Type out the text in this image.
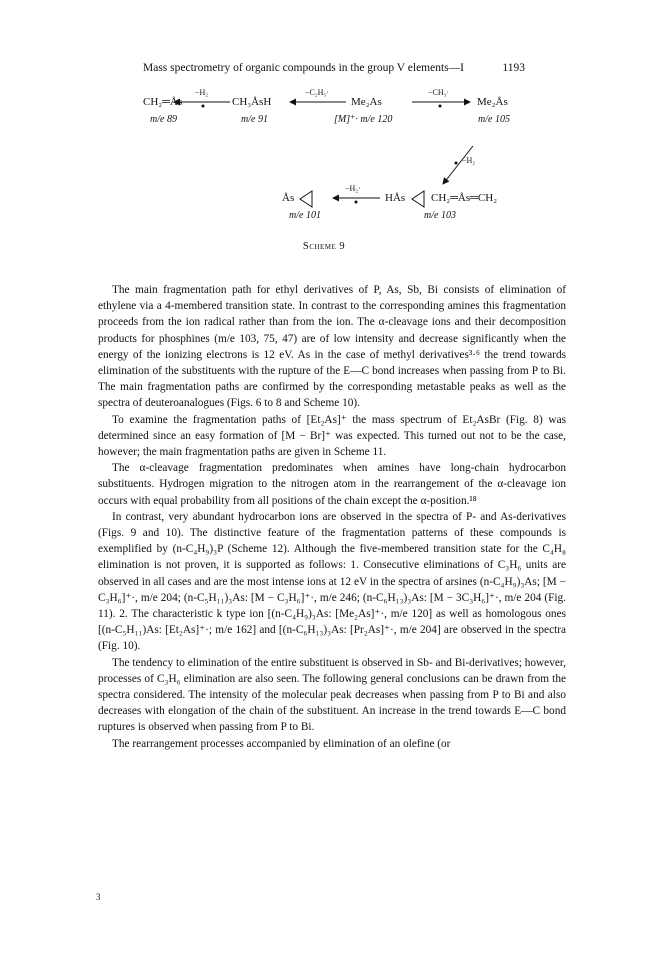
Mass spectrometry of organic compounds in the group V elements—I	1193
CH₂═Ås
m/e 89
−H₂
CH₃ÅsH
m/e 91
−C₂H₅·
Me₂As
[M]⁺· m/e 120
−CH₃·
Me₂Ås
m/e 105
−H₂
Ås
m/e 101
−H₂·
HÅs CH₂═Ås═CH₂
m/e 103
Scheme 9

The main fragmentation path for ethyl derivatives of P, As, Sb, Bi consists of elimination of ethylene via a 4-membered transition state. In contrast to the corresponding amines this fragmentation proceeds from the ion radical rather than from the ion. The α-cleavage ions and their decomposition products for phosphines (m/e 103, 75, 47) are of low intensity and decrease significantly when the energy of the ionizing electrons is 12 eV. As in the case of methyl derivatives³·⁶ the trend towards elimination of the substituents with the rupture of the E—C bond increases when passing from P to Bi. The main fragmentation paths are confirmed by the corresponding metastable peaks as well as the spectra of deuteroanalogues (Figs. 6 to 8 and Scheme 10).

To examine the fragmentation paths of [Et₂As]⁺ the mass spectrum of Et₂AsBr (Fig. 8) was determined since an easy formation of [M − Br]⁺ was expected. This turned out not to be the case, however; the main fragmentation paths are given in Scheme 11.

The α-cleavage fragmentation predominates when amines have long-chain hydrocarbon substituents. Hydrogen migration to the nitrogen atom in the rearrangement of the α-cleavage ion occurs with equal probability from all positions of the chain except the α-position.¹⁸

In contrast, very abundant hydrocarbon ions are observed in the spectra of P- and As-derivatives (Figs. 9 and 10). The distinctive feature of the fragmentation patterns of these compounds is exemplified by (n-C₄H₉)₃P (Scheme 12). Although the five-membered transition state for the C₄H₈ elimination is not proven, it is supported as follows: 1. Consecutive eliminations of C₃H₆ units are observed in all cases and are the most intense ions at 12 eV in the spectra of arsines (n-C₄H₉)₃As; [M − C₃H₆]⁺·, m/e 204; (n-C₅H₁₁)₃As: [M − C₃H₆]⁺·, m/e 246; (n-C₆H₁₃)₃As: [M − 3C₃H₆]⁺·, m/e 204 (Fig. 11). 2. The characteristic k type ion [(n-C₄H₉)₃As: [Me₂As]⁺·, m/e 120] as well as homologous ones [(n-C₅H₁₁)As: [Et₂As]⁺·; m/e 162] and [(n-C₆H₁₃)₃As: [Pr₂As]⁺·, m/e 204] are observed in the spectra (Fig. 10).

The tendency to elimination of the entire substituent is observed in Sb- and Bi-derivatives; however, processes of C₃H₆ elimination are also seen. The following general conclusions can be drawn from the spectra considered. The intensity of the molecular peak decreases when passing from P to Bi and also decreases with elongation of the chain of the substituent. An increase in the trend towards E—C bond ruptures is observed when passing from P to Bi.

The rearrangement processes accompanied by elimination of an olefine (or

3
